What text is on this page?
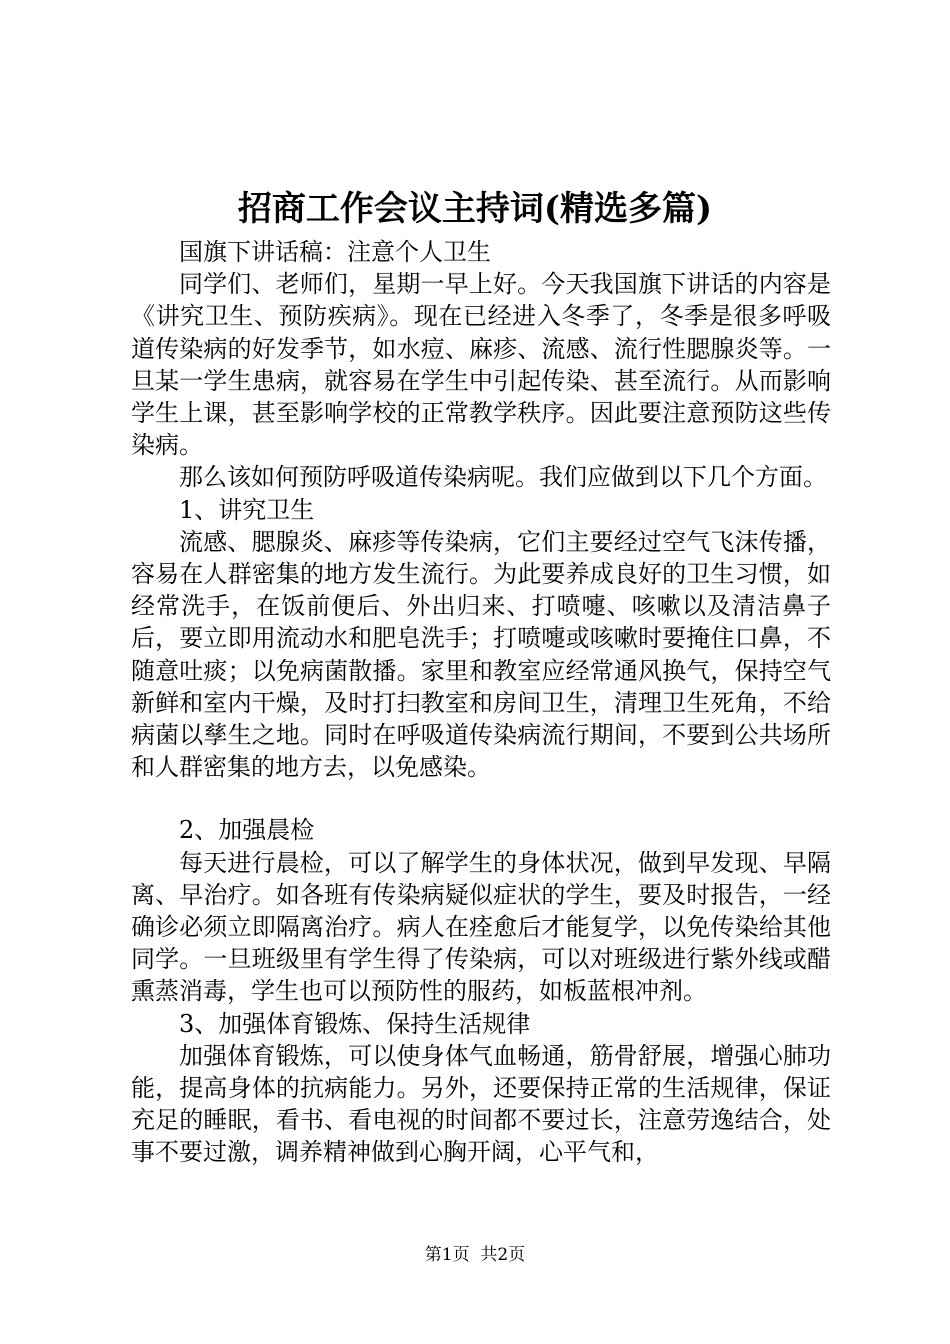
招商工作会议主持词(精选多篇)

国旗下讲话稿：注意个人卫生

同学们、老师们，星期一早上好。今天我国旗下讲话的内容是《讲究卫生、预防疾病》。现在已经进入冬季了，冬季是很多呼吸道传染病的好发季节，如水痘、麻疹、流感、流行性腮腺炎等。一旦某一学生患病，就容易在学生中引起传染、甚至流行。从而影响学生上课，甚至影响学校的正常教学秩序。因此要注意预防这些传染病。

那么该如何预防呼吸道传染病呢。我们应做到以下几个方面。

1、讲究卫生

流感、腮腺炎、麻疹等传染病，它们主要经过空气飞沫传播，容易在人群密集的地方发生流行。为此要养成良好的卫生习惯，如经常洗手，在饭前便后、外出归来、打喷嚏、咳嗽以及清洁鼻子后，要立即用流动水和肥皂洗手；打喷嚏或咳嗽时要掩住口鼻，不随意吐痰；以免病菌散播。家里和教室应经常通风换气，保持空气新鲜和室内干燥，及时打扫教室和房间卫生，清理卫生死角，不给病菌以孳生之地。同时在呼吸道传染病流行期间，不要到公共场所和人群密集的地方去，以免感染。

2、加强晨检

每天进行晨检，可以了解学生的身体状况，做到早发现、早隔离、早治疗。如各班有传染病疑似症状的学生，要及时报告，一经确诊必须立即隔离治疗。病人在痊愈后才能复学，以免传染给其他同学。一旦班级里有学生得了传染病，可以对班级进行紫外线或醋熏蒸消毒，学生也可以预防性的服药，如板蓝根冲剂。

3、加强体育锻炼、保持生活规律

加强体育锻炼，可以使身体气血畅通，筋骨舒展，增强心肺功能，提高身体的抗病能力。另外，还要保持正常的生活规律，保证充足的睡眠，看书、看电视的时间都不要过长，注意劳逸结合，处事不要过激，调养精神做到心胸开阔，心平气和，

第1页 共2页
